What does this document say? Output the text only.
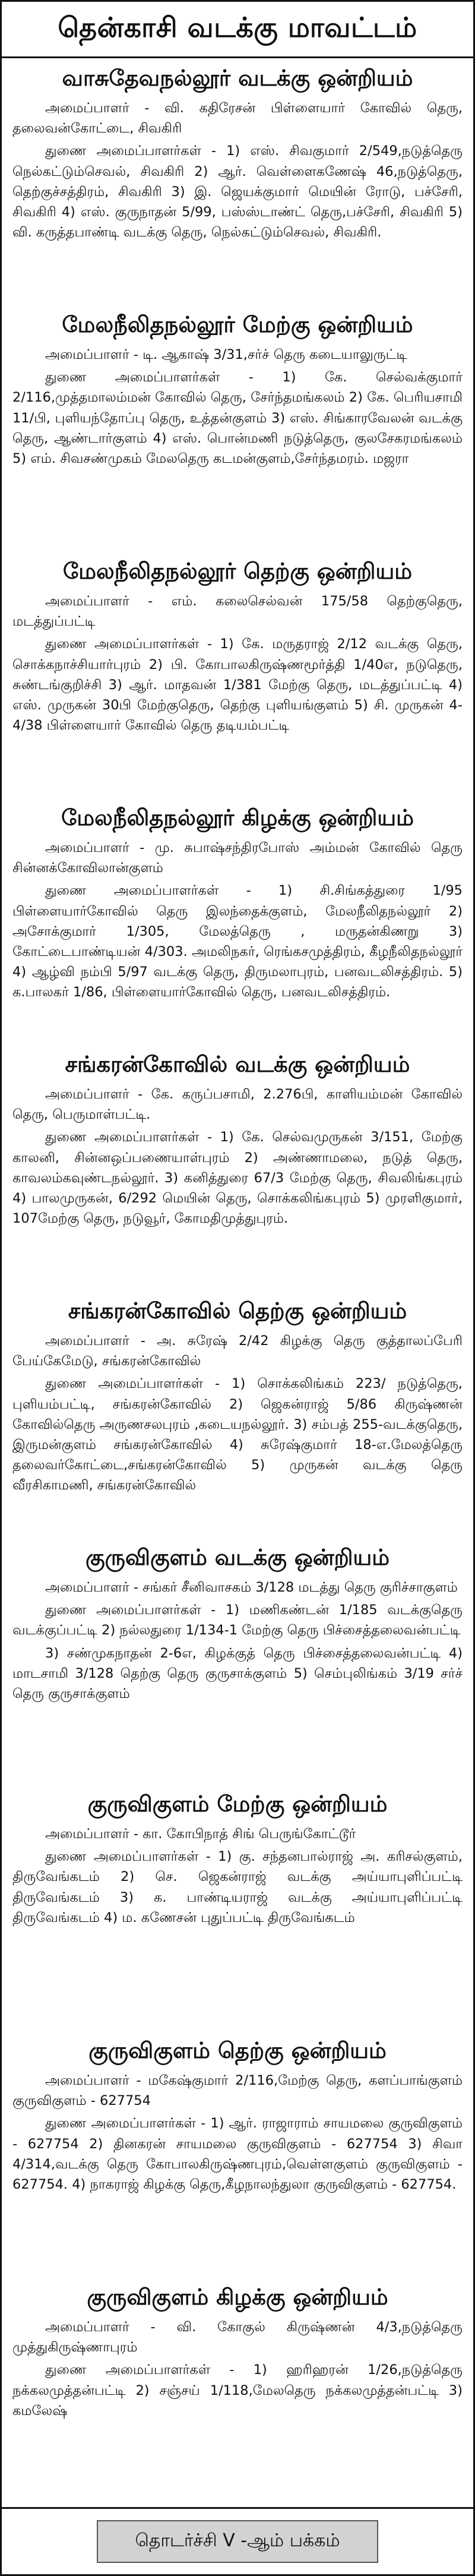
தென்காசி வடக்கு மாவட்டம்
வாசுதேவநல்லூர் வடக்கு ஒன்றியம்

அமைப்பாளர் - வி. கதிரேசன் பிள்ளையார் கோவில் தெரு, தலைவன்கோட்டை, சிவகிரி

துணை அமைப்பாளர்கள் - 1) எஸ். சிவகுமார் 2/549,நடுத்தெரு நெல்கட்டும்செவல், சிவகிரி 2) ஆர். வெள்ளைகணேஷ் 46,நடுத்தெரு, தெற்குச்சத்திரம், சிவகிரி 3) இ. ஜெயக்குமார் மெயின் ரோடு, பச்சேரி, சிவகிரி 4) எஸ். குருநாதன் 5/99, பஸ்ஸ்டாண்ட் தெரு,பச்சேரி, சிவகிரி 5) வி. கருத்தபாண்டி வடக்கு தெரு, நெல்கட்டும்செவல், சிவகிரி.

மேலநீலிதநல்லூர் மேற்கு ஒன்றியம்

அமைப்பாளர் - டி. ஆகாஷ் 3/31,சர்ச் தெரு கடையாலுருட்டி

துணை அமைப்பாளர்கள் - 1) கே. செல்வக்குமார் 2/116,முத்தமாலம்மன் கோவில் தெரு, சேர்ந்தமங்கலம் 2) கே. பெரியசாமி 11/பி, புளியந்தோப்பு தெரு, உத்தன்குளம் 3) எஸ். சிங்காரவேலன் வடக்கு தெரு, ஆண்டார்குளம் 4) எஸ். பொன்மணி நடுத்தெரு, குலசேகரமங்கலம் 5) எம். சிவசண்முகம் மேலதெரு கடமன்குளம்,சேர்ந்தமரம். மஜரா

மேலநீலிதநல்லூர் தெற்கு ஒன்றியம்

அமைப்பாளர் - எம். கலைசெல்வன் 175/58 தெற்குதெரு, மடத்துப்பட்டி

துணை அமைப்பாளர்கள் - 1) கே. மருதராஜ் 2/12 வடக்கு தெரு, சொக்கநாச்சியார்புரம் 2) பி. கோபாலகிருஷ்ணமூர்த்தி 1/40எ, நடுதெரு, சுண்டங்குறிச்சி 3) ஆர். மாதவன் 1/381 மேற்கு தெரு, மடத்துப்பட்டி 4) எஸ். முருகன் 30பி மேற்குதெரு, தெற்கு புளியங்குளம் 5) சி. முருகன் 4-4/38 பிள்ளையார் கோவில் தெரு தடியம்பட்டி

மேலநீலிதநல்லூர் கிழக்கு ஒன்றியம்

அமைப்பாளர் - மு. சுபாஷ்சந்திரபோஸ் அம்மன் கோவில் தெரு சின்னக்கோவிலான்குளம்

துணை அமைப்பாளர்கள் - 1) சி.சிங்கத்துரை 1/95 பிள்ளையார்கோவில் தெரு இலந்தைக்குளம், மேலநீலிதநல்லூர் 2) அசோக்குமார் 1/305, மேலத்தெரு , மருதன்கிணறு 3) கோட்டைபாண்டியன் 4/303. அமலிநகர், ரெங்கசமுத்திரம், கீழநீலிதநல்லூர் 4) ஆழ்வி நம்பி 5/97 வடக்கு தெரு, திருமலாபுரம், பனவடலிசத்திரம். 5) க.பாலகர் 1/86, பிள்ளையார்கோவில் தெரு, பனவடலிசத்திரம்.

சங்கரன்கோவில் வடக்கு ஒன்றியம்

அமைப்பாளர் - கே. கருப்பசாமி, 2.276பி, காளியம்மன் கோவில் தெரு, பெருமாள்பட்டி.

துணை அமைப்பாளர்கள் - 1) கே. செல்வமுருகன் 3/151, மேற்கு காலனி, சின்னஒப்பணையாள்புரம் 2) அண்ணாமலை, நடுத் தெரு, காவலம்கவுண்டநல்லூர். 3) கனித்துரை 67/3 மேற்கு தெரு, சிவலிங்கபுரம் 4) பாலமுருகன், 6/292 மெயின் தெரு, சொக்கலிங்கபுரம் 5) முரளிகுமார், 107மேற்கு தெரு, நடுவூர், கோமதிமுத்துபுரம்.

சங்கரன்கோவில் தெற்கு ஒன்றியம்

அமைப்பாளர் - அ. சுரேஷ் 2/42 கிழக்கு தெரு குத்தாலப்பேரி பேய்கேமேடு, சங்கரன்கோவில்

துணை அமைப்பாளர்கள் - 1) சொக்கலிங்கம் 223/ நடுத்தெரு, புளியம்பட்டி, சங்கரன்கோவில் 2) ஜெகன்ராஜ் 5/86 கிருஷ்ணன் கோவில்தெரு அருணசலபுரம் ,கடையநல்லூர். 3) சம்பத் 255-வடக்குதெரு, இருமன்குளம் சங்கரன்கோவில் 4) சுரேஷ்குமார் 18-எ.மேலத்தெரு தலைவர்கோட்டை,சங்கரன்கோவில் 5) முருகன் வடக்கு தெரு வீரசிகாமணி, சங்கரன்கோவில்

குருவிகுளம் வடக்கு ஒன்றியம்

அமைப்பாளர் - சங்கர் சீனிவாசகம் 3/128 மடத்து தெரு குரிச்சாகுளம்

துணை அமைப்பாளர்கள் - 1) மணிகண்டன் 1/185 வடக்குதெரு வடக்குப்பட்டி 2) நல்லதுரை 1/134-1 மேற்கு தெரு பிச்சைத்தலைவன்பட்டி

3) சண்முகநாதன் 2-6எ, கிழக்குத் தெரு பிச்சைத்தலைவன்பட்டி 4) மாடசாமி 3/128 தெற்கு தெரு குருசாக்குளம் 5) செம்புலிங்கம் 3/19 சர்ச் தெரு குருசாக்குளம்

குருவிகுளம் மேற்கு ஒன்றியம்

அமைப்பாளர் - கா. கோபிநாத் சிங் பெருங்கோட்டூர்

துணை அமைப்பாளர்கள் - 1) கு. சந்தனபால்ராஜ் அ. கரிசல்குளம், திருவேங்கடம் 2) செ. ஜெகன்ராஜ் வடக்கு அய்யாபுளிப்பட்டி திருவேங்கடம் 3) க. பாண்டியராஜ் வடக்கு அய்யாபுளிப்பட்டி திருவேங்கடம் 4) ம. கணேசன் புதுப்பட்டி திருவேங்கடம்

குருவிகுளம் தெற்கு ஒன்றியம்

அமைப்பாளர் - மகேஷ்குமார் 2/116,மேற்கு தெரு, களப்பாங்குளம் குருவிகுளம் - 627754

துணை அமைப்பாளர்கள் - 1) ஆர். ராஜாராம் சாயமலை குருவிகுளம் - 627754 2) தினகரன் சாயமலை குருவிகுளம் - 627754 3) சிவா 4/314,வடக்கு தெரு கோபாலகிருஷ்ணபுரம்,வெள்ளகுளம் குருவிகுளம் - 627754. 4) நாகராஜ் கிழக்கு தெரு,கீழநாலந்துலா குருவிகுளம் - 627754.

குருவிகுளம் கிழக்கு ஒன்றியம்

அமைப்பாளர் - வி. கோகுல் கிருஷ்ணன் 4/3,நடுத்தெரு முத்துகிருஷ்ணாபுரம்

துணை அமைப்பாளர்கள் - 1) ஹரிஹரன் 1/26,நடுத்தெரு நக்கலமுத்தன்பட்டி 2) சஞ்சய் 1/118,மேலதெரு நக்கலமுத்தன்பட்டி 3) கமலேஷ்

தொடர்ச்சி V -ஆம் பக்கம்
